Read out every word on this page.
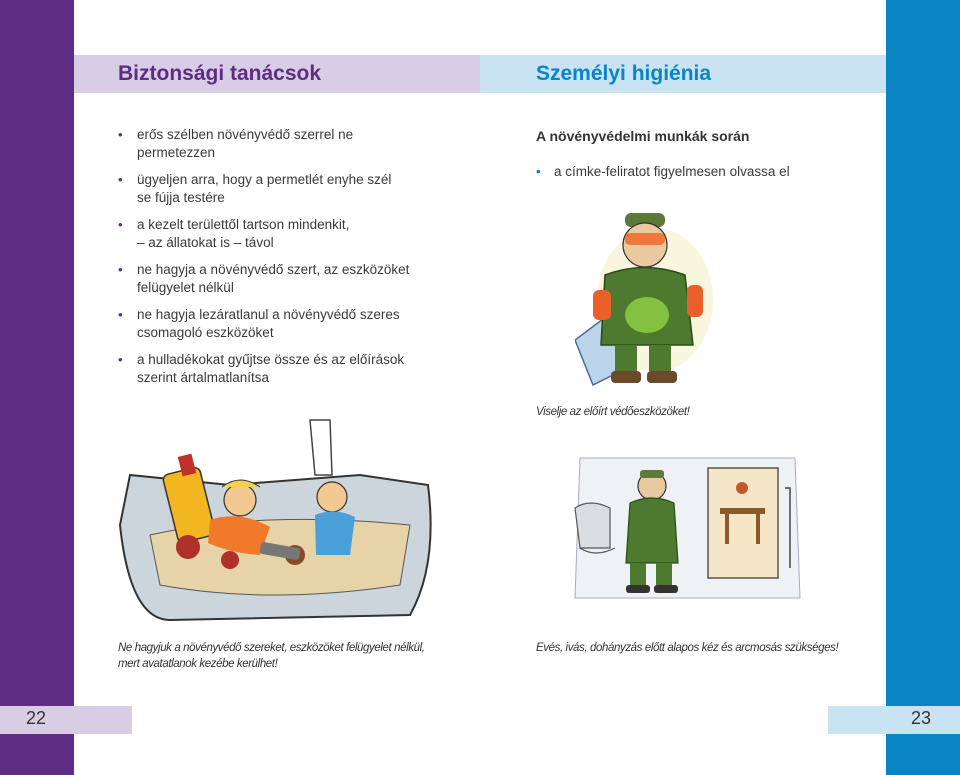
Biztonsági tanácsok	Személyi higiénia
• erős szélben növényvédő szerrel ne
permetezzen
• ügyeljen arra, hogy a permetlét enyhe szél
se fújja testére
• a kezelt területtől tartson mindenkit,
– az állatokat is – távol
• ne hagyja a növényvédő szert, az eszközöket
felügyelet nélkül
• ne hagyja lezáratlanul a növényvédő szeres
csomagoló eszközöket
• a hulladékokat gyűjtse össze és az előírások
szerint ártalmatlanítsa
A növényvédelmi munkák során
• a címke-feliratot figyelmesen olvassa el
Viselje az előírt védőeszközöket!
Ne hagyjuk a növényvédő szereket, eszközöket felügyelet nélkül,
mert avatatlanok kezébe kerülhet!
Evés, ivás, dohányzás előtt alapos kéz és arcmosás szükséges!
22	23
